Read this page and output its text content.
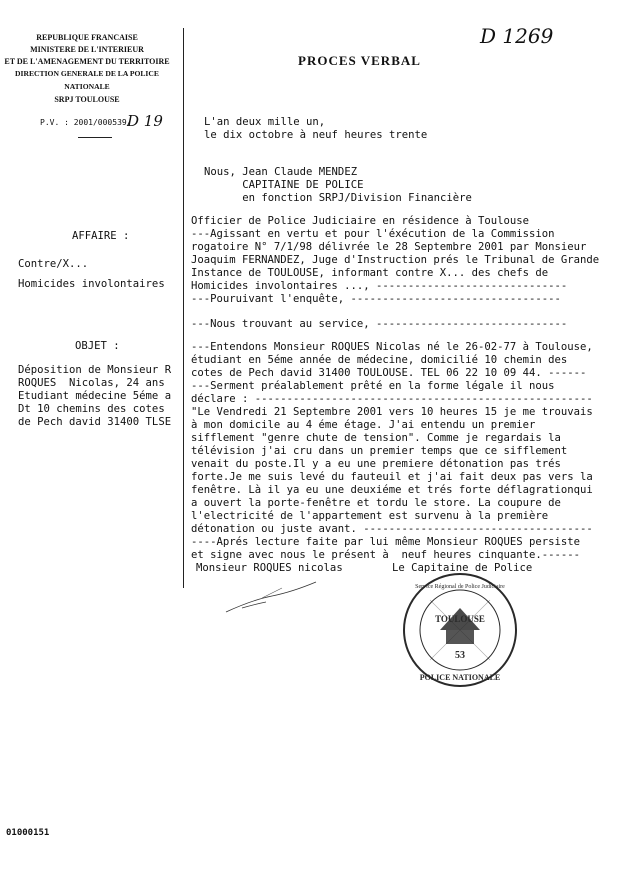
REPUBLIQUE FRANCAISE
MINISTERE DE L'INTERIEUR
ET DE L'AMENAGEMENT DU TERRITOIRE
DIRECTION GENERALE DE LA POLICE NATIONALE
SRPJ TOULOUSE
P.V. : 2001/000539/
D 19
D 1269
PROCES VERBAL
AFFAIRE :
Contre/X...
Homicides involontaires
OBJET :
Déposition de Monsieur R
ROQUES  Nicolas, 24 ans
Etudiant médecine 5éme a
Dt 10 chemins des cotes
de Pech david 31400 TLSE
L'an deux mille un,
le dix octobre à neuf heures trente
Nous, Jean Claude MENDEZ
CAPITAINE DE POLICE
en fonction SRPJ/Division Financière
Officier de Police Judiciaire en résidence à Toulouse
---Agissant en vertu et pour l'éxécution de la Commission
rogatoire N° 7/1/98 délivrée le 28 Septembre 2001 par Monsieur
Joaquim FERNANDEZ, Juge d'Instruction prés le Tribunal de Grande
Instance de TOULOUSE, informant contre X... des chefs de
Homicides involontaires ..., ------------------------------
---Pouruivant l'enquête, ---------------------------------
---Nous trouvant au service, ------------------------------
---Entendons Monsieur ROQUES Nicolas né le 26-02-77 à Toulouse,
étudiant en 5éme année de médecine, domicilié 10 chemin des
cotes de Pech david 31400 TOULOUSE. TEL 06 22 10 09 44. ------
---Serment préalablement prêté en la forme légale il nous
déclare : -----------------------------------------------------
"Le Vendredi 21 Septembre 2001 vers 10 heures 15 je me trouvais
à mon domicile au 4 éme étage. J'ai entendu un premier
sifflement "genre chute de tension". Comme je regardais la
télévision j'ai cru dans un premier temps que ce sifflement
venait du poste.Il y a eu une premiere détonation pas trés
forte.Je me suis levé du fauteuil et j'ai fait deux pas vers la
fenêtre. Là il ya eu une deuxiéme et trés forte déflagrationqui
a ouvert la porte-fenêtre et tordu le store. La coupure de
l'electricité de l'appartement est survenu à la première
détonation ou juste avant. ------------------------------------
----Aprés lecture faite par lui même Monsieur ROQUES persiste
et signe avec nous le présent à  neuf heures cinquante.------
Monsieur ROQUES nicolas	Le Capitaine de Police
TOULOUSE
53
POLICE NATIONALE
Service Régional de Police Judiciaire
01000151
